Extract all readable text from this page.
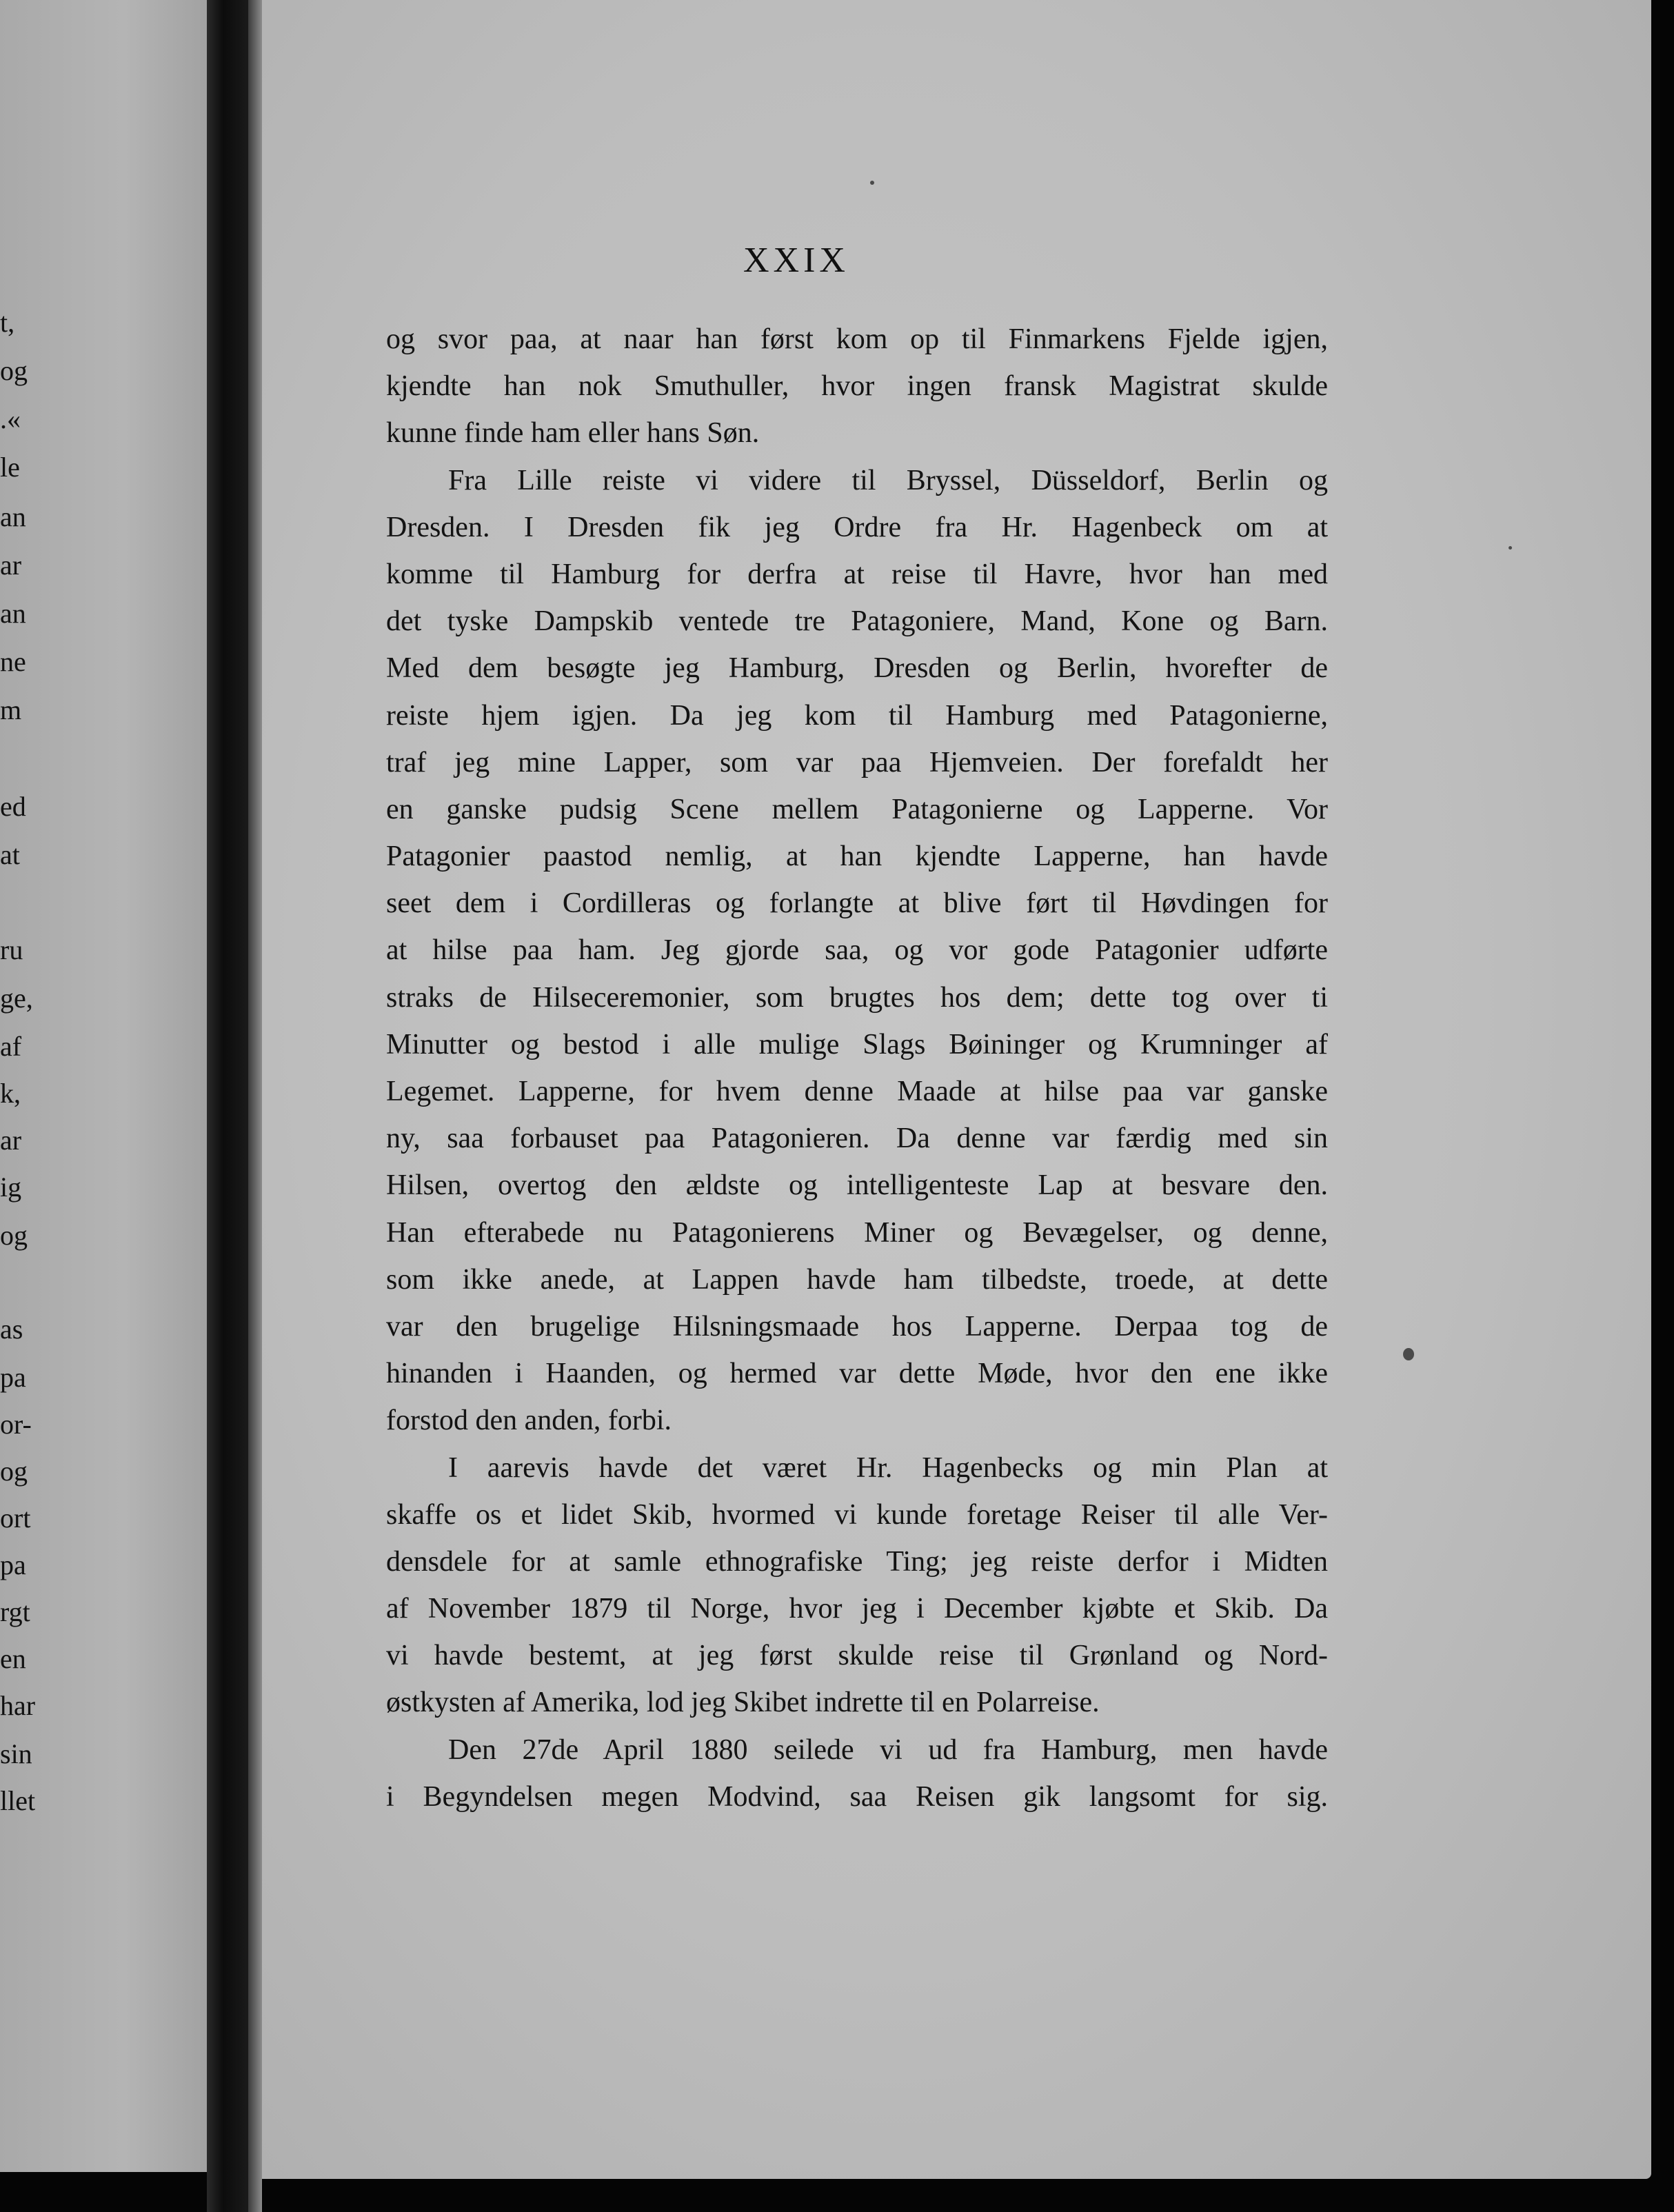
t,
og
.«
le
an
ar
an
ne
m
ed
at
ru
ge,
af
k,
ar
ig
og
as
pa
or-
og
ort
pa
rgt
en
har
sin
llet
XXIX
og svor paa, at naar han først kom op til Finmarkens Fjelde igjen,
kjendte han nok Smuthuller, hvor ingen fransk Magistrat skulde
kunne finde ham eller hans Søn.
Fra Lille reiste vi videre til Bryssel, Düsseldorf, Berlin og
Dresden. I Dresden fik jeg Ordre fra Hr. Hagenbeck om at
komme til Hamburg for derfra at reise til Havre, hvor han med
det tyske Dampskib ventede tre Patagoniere, Mand, Kone og Barn.
Med dem besøgte jeg Hamburg, Dresden og Berlin, hvorefter de
reiste hjem igjen. Da jeg kom til Hamburg med Patagonierne,
traf jeg mine Lapper, som var paa Hjemveien. Der forefaldt her
en ganske pudsig Scene mellem Patagonierne og Lapperne. Vor
Patagonier paastod nemlig, at han kjendte Lapperne, han havde
seet dem i Cordilleras og forlangte at blive ført til Høvdingen for
at hilse paa ham. Jeg gjorde saa, og vor gode Patagonier udførte
straks de Hilseceremonier, som brugtes hos dem; dette tog over ti
Minutter og bestod i alle mulige Slags Bøininger og Krumninger af
Legemet. Lapperne, for hvem denne Maade at hilse paa var ganske
ny, saa forbauset paa Patagonieren. Da denne var færdig med sin
Hilsen, overtog den ældste og intelligenteste Lap at besvare den.
Han efterabede nu Patagonierens Miner og Bevægelser, og denne,
som ikke anede, at Lappen havde ham tilbedste, troede, at dette
var den brugelige Hilsningsmaade hos Lapperne. Derpaa tog de
hinanden i Haanden, og hermed var dette Møde, hvor den ene ikke
forstod den anden, forbi.
I aarevis havde det været Hr. Hagenbecks og min Plan at
skaffe os et lidet Skib, hvormed vi kunde foretage Reiser til alle Ver-
densdele for at samle ethnografiske Ting; jeg reiste derfor i Midten
af November 1879 til Norge, hvor jeg i December kjøbte et Skib. Da
vi havde bestemt, at jeg først skulde reise til Grønland og Nord-
østkysten af Amerika, lod jeg Skibet indrette til en Polarreise.
Den 27de April 1880 seilede vi ud fra Hamburg, men havde
i Begyndelsen megen Modvind, saa Reisen gik langsomt for sig.
